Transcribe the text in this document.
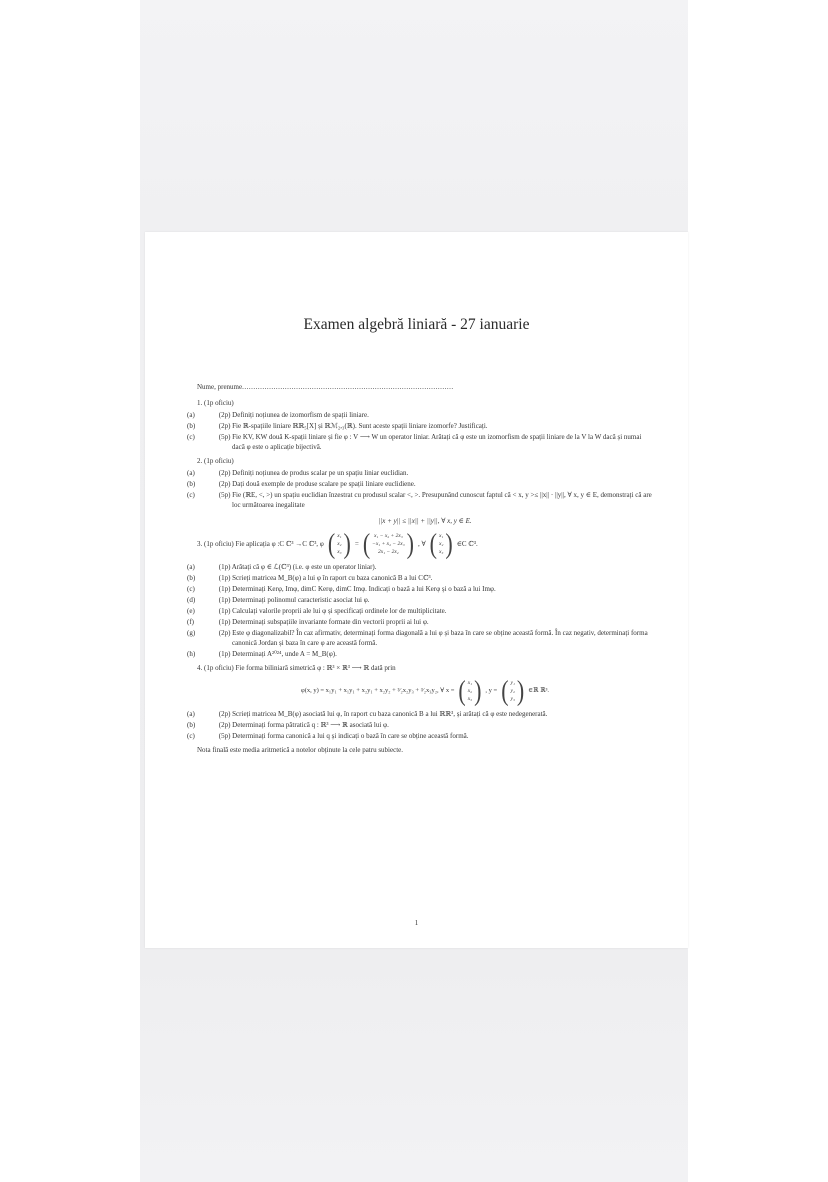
Examen algebră liniară - 27 ianuarie
Nume, prenume..............................................................................................
1. (1p oficiu)
(a)	(2p) Definiți noțiunea de izomorfism de spații liniare.
(b)	(2p) Fie ℝ-spațiile liniare ℝℝ₅[X] și ℝℳ₂,₃(ℝ). Sunt aceste spații liniare izomorfe? Justificați.
(c)	(5p) Fie KV, KW două K-spații liniare și fie φ : V ⟶ W un operator liniar. Arătați că φ este un izomorfism de spații liniare de la V la W dacă și numai dacă φ este o aplicație bijectivă.
2. (1p oficiu)
(a)	(2p) Definiți noțiunea de produs scalar pe un spațiu liniar euclidian.
(b)	(2p) Dați două exemple de produse scalare pe spații liniare euclidiene.
(c)	(5p) Fie (ℝE, <, >) un spațiu euclidian înzestrat cu produsul scalar <, >. Presupunând cunoscut faptul că < x, y >≤ ||x|| · ||y||, ∀ x, y ∈ E, demonstrați că are loc următoarea inegalitate
||x + y|| ≤ ||x|| + ||y||, ∀ x, y ∈ E.
3. (1p oficiu) Fie aplicația φ :C ℂ³ →C ℂ³, φ ( x₁
x₂
x₃ ) = ( x₁ − x₂ + 2x₃
−x₁ + x₂ − 2x₃
2x₁ − 2x₂ ) , ∀ ( x₁
x₂
x₃ ) ∈C ℂ³.
(a)	(1p) Arătați că φ ∈ ℒ(ℂ³) (i.e. φ este un operator liniar).
(b)	(1p) Scrieți matricea M_B(φ) a lui φ în raport cu baza canonică B a lui Cℂ³.
(c)	(1p) Determinați Kerφ, Imφ, dimC Kerφ, dimC Imφ. Indicați o bază a lui Kerφ și o bază a lui Imφ.
(d)	(1p) Determinați polinomul caracteristic asociat lui φ.
(e)	(1p) Calculați valorile proprii ale lui φ și specificați ordinele lor de multiplicitate.
(f)	(1p) Determinați subspațiile invariante formate din vectorii proprii ai lui φ.
(g)	(2p) Este φ diagonalizabil? În caz afirmativ, determinați forma diagonală a lui φ și baza în care se obține această formă. În caz negativ, determinați forma canonică Jordan și baza în care φ are această formă.
(h)	(1p) Determinați A²⁰²⁴, unde A = M_B(φ).
4. (1p oficiu) Fie forma biliniară simetrică φ : ℝ³ × ℝ³ ⟶ ℝ dată prin
φ(x, y) = x₁y₁ + x₁y₁ + x₂y₁ + x₂y₂ + ³⁄₂x₂y₃ + ³⁄₂x₃y₂, ∀ x = ( x₁
x₂
x₃ ) , y = ( y₁
y₂
y₃ ) ∈ℝ ℝ³.
(a)	(2p) Scrieți matricea M_B(φ) asociată lui φ, în raport cu baza canonică B a lui ℝℝ³, și arătați că φ este nedegenerată.
(b)	(2p) Determinați forma pătratică q : ℝ³ ⟶ ℝ asociată lui φ.
(c)	(5p) Determinați forma canonică a lui q și indicați o bază în care se obține această formă.
Nota finală este media aritmetică a notelor obținute la cele patru subiecte.
1
